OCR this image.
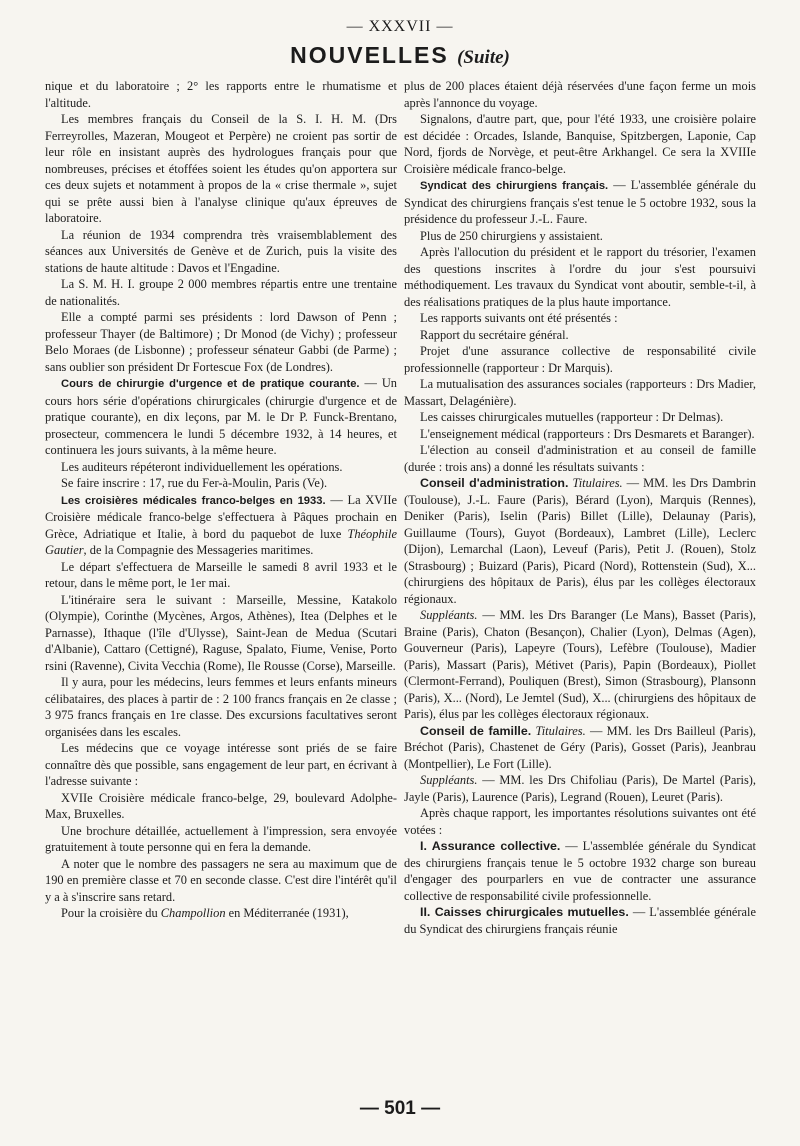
— XXXVII —
NOUVELLES (Suite)

nique et du laboratoire ; 2° les rapports entre le rhumatisme et l'altitude.

Les membres français du Conseil de la S. I. H. M. (Drs Ferreyrolles, Mazeran, Mougeot et Perpère) ne croient pas sortir de leur rôle en insistant auprès des hydrologues français pour que nombreuses, précises et étoffées soient les études qu'on apportera sur ces deux sujets et notamment à propos de la « crise thermale », sujet qui se prête aussi bien à l'analyse clinique qu'aux épreuves de laboratoire.

La réunion de 1934 comprendra très vraisemblablement des séances aux Universités de Genève et de Zurich, puis la visite des stations de haute altitude : Davos et l'Engadine.

La S. M. H. I. groupe 2 000 membres répartis entre une trentaine de nationalités.

Elle a compté parmi ses présidents : lord Dawson of Penn ; professeur Thayer (de Baltimore) ; Dr Monod (de Vichy) ; professeur Belo Moraes (de Lisbonne) ; professeur sénateur Gabbi (de Parme) ; sans oublier son président Dr Fortescue Fox (de Londres).

Cours de chirurgie d'urgence et de pratique courante. — Un cours hors série d'opérations chirurgicales (chirurgie d'urgence et de pratique courante), en dix leçons, par M. le Dr P. Funck-Brentano, prosecteur, commencera le lundi 5 décembre 1932, à 14 heures, et continuera les jours suivants, à la même heure.

Les auditeurs répéteront individuellement les opérations.

Se faire inscrire : 17, rue du Fer-à-Moulin, Paris (Ve).

Les croisières médicales franco-belges en 1933. — La XVIIe Croisière médicale franco-belge s'effectuera à Pâques prochain en Grèce, Adriatique et Italie, à bord du paquebot de luxe Théophile Gautier, de la Compagnie des Messageries maritimes.

Le départ s'effectuera de Marseille le samedi 8 avril 1933 et le retour, dans le même port, le 1er mai.

L'itinéraire sera le suivant : Marseille, Messine, Katakolo (Olympie), Corinthe (Mycènes, Argos, Athènes), Itea (Delphes et le Parnasse), Ithaque (l'île d'Ulysse), Saint-Jean de Medua (Scutari d'Albanie), Cattaro (Cettigné), Raguse, Spalato, Fiume, Venise, Porto rsini (Ravenne), Civita Vecchia (Rome), Ile Rousse (Corse), Marseille.

Il y aura, pour les médecins, leurs femmes et leurs enfants mineurs célibataires, des places à partir de : 2 100 francs français en 2e classe ; 3 975 francs français en 1re classe. Des excursions facultatives seront organisées dans les escales.

Les médecins que ce voyage intéresse sont priés de se faire connaître dès que possible, sans engagement de leur part, en écrivant à l'adresse suivante :

XVIIe Croisière médicale franco-belge, 29, boulevard Adolphe-Max, Bruxelles.

Une brochure détaillée, actuellement à l'impression, sera envoyée gratuitement à toute personne qui en fera la demande.

A noter que le nombre des passagers ne sera au maximum que de 190 en première classe et 70 en seconde classe. C'est dire l'intérêt qu'il y a à s'inscrire sans retard.

Pour la croisière du Champollion en Méditerranée (1931),

plus de 200 places étaient déjà réservées d'une façon ferme un mois après l'annonce du voyage.

Signalons, d'autre part, que, pour l'été 1933, une croisière polaire est décidée : Orcades, Islande, Banquise, Spitzbergen, Laponie, Cap Nord, fjords de Norvège, et peut-être Arkhangel. Ce sera la XVIIIe Croisière médicale franco-belge.

Syndicat des chirurgiens français. — L'assemblée générale du Syndicat des chirurgiens français s'est tenue le 5 octobre 1932, sous la présidence du professeur J.-L. Faure.

Plus de 250 chirurgiens y assistaient.

Après l'allocution du président et le rapport du trésorier, l'examen des questions inscrites à l'ordre du jour s'est poursuivi méthodiquement. Les travaux du Syndicat vont aboutir, semble-t-il, à des réalisations pratiques de la plus haute importance.

Les rapports suivants ont été présentés :

Rapport du secrétaire général.

Projet d'une assurance collective de responsabilité civile professionnelle (rapporteur : Dr Marquis).

La mutualisation des assurances sociales (rapporteurs : Drs Madier, Massart, Delagénière).

Les caisses chirurgicales mutuelles (rapporteur : Dr Delmas).

L'enseignement médical (rapporteurs : Drs Desmarets et Baranger).

L'élection au conseil d'administration et au conseil de famille (durée : trois ans) a donné les résultats suivants :

Conseil d'administration. Titulaires. — MM. les Drs Dambrin (Toulouse), J.-L. Faure (Paris), Bérard (Lyon), Marquis (Rennes), Deniker (Paris), Iselin (Paris) Billet (Lille), Delaunay (Paris), Guillaume (Tours), Guyot (Bordeaux), Lambret (Lille), Leclerc (Dijon), Lemarchal (Laon), Leveuf (Paris), Petit J. (Rouen), Stolz (Strasbourg) ; Buizard (Paris), Picard (Nord), Rottenstein (Sud), X... (chirurgiens des hôpitaux de Paris), élus par les collèges électoraux régionaux.

Suppléants. — MM. les Drs Baranger (Le Mans), Basset (Paris), Braine (Paris), Chaton (Besançon), Chalier (Lyon), Delmas (Agen), Gouverneur (Paris), Lapeyre (Tours), Lefèbre (Toulouse), Madier (Paris), Massart (Paris), Métivet (Paris), Papin (Bordeaux), Piollet (Clermont-Ferrand), Pouliquen (Brest), Simon (Strasbourg), Plansonn (Paris), X... (Nord), Le Jemtel (Sud), X... (chirurgiens des hôpitaux de Paris), élus par les collèges électoraux régionaux.

Conseil de famille. Titulaires. — MM. les Drs Bailleul (Paris), Bréchot (Paris), Chastenet de Géry (Paris), Gosset (Paris), Jeanbrau (Montpellier), Le Fort (Lille).

Suppléants. — MM. les Drs Chifoliau (Paris), De Martel (Paris), Jayle (Paris), Laurence (Paris), Legrand (Rouen), Leuret (Paris).

Après chaque rapport, les importantes résolutions suivantes ont été votées :

I. Assurance collective. — L'assemblée générale du Syndicat des chirurgiens français tenue le 5 octobre 1932 charge son bureau d'engager des pourparlers en vue de contracter une assurance collective de responsabilité civile professionnelle.

II. Caisses chirurgicales mutuelles. — L'assemblée générale du Syndicat des chirurgiens français réunie

— 501 —
